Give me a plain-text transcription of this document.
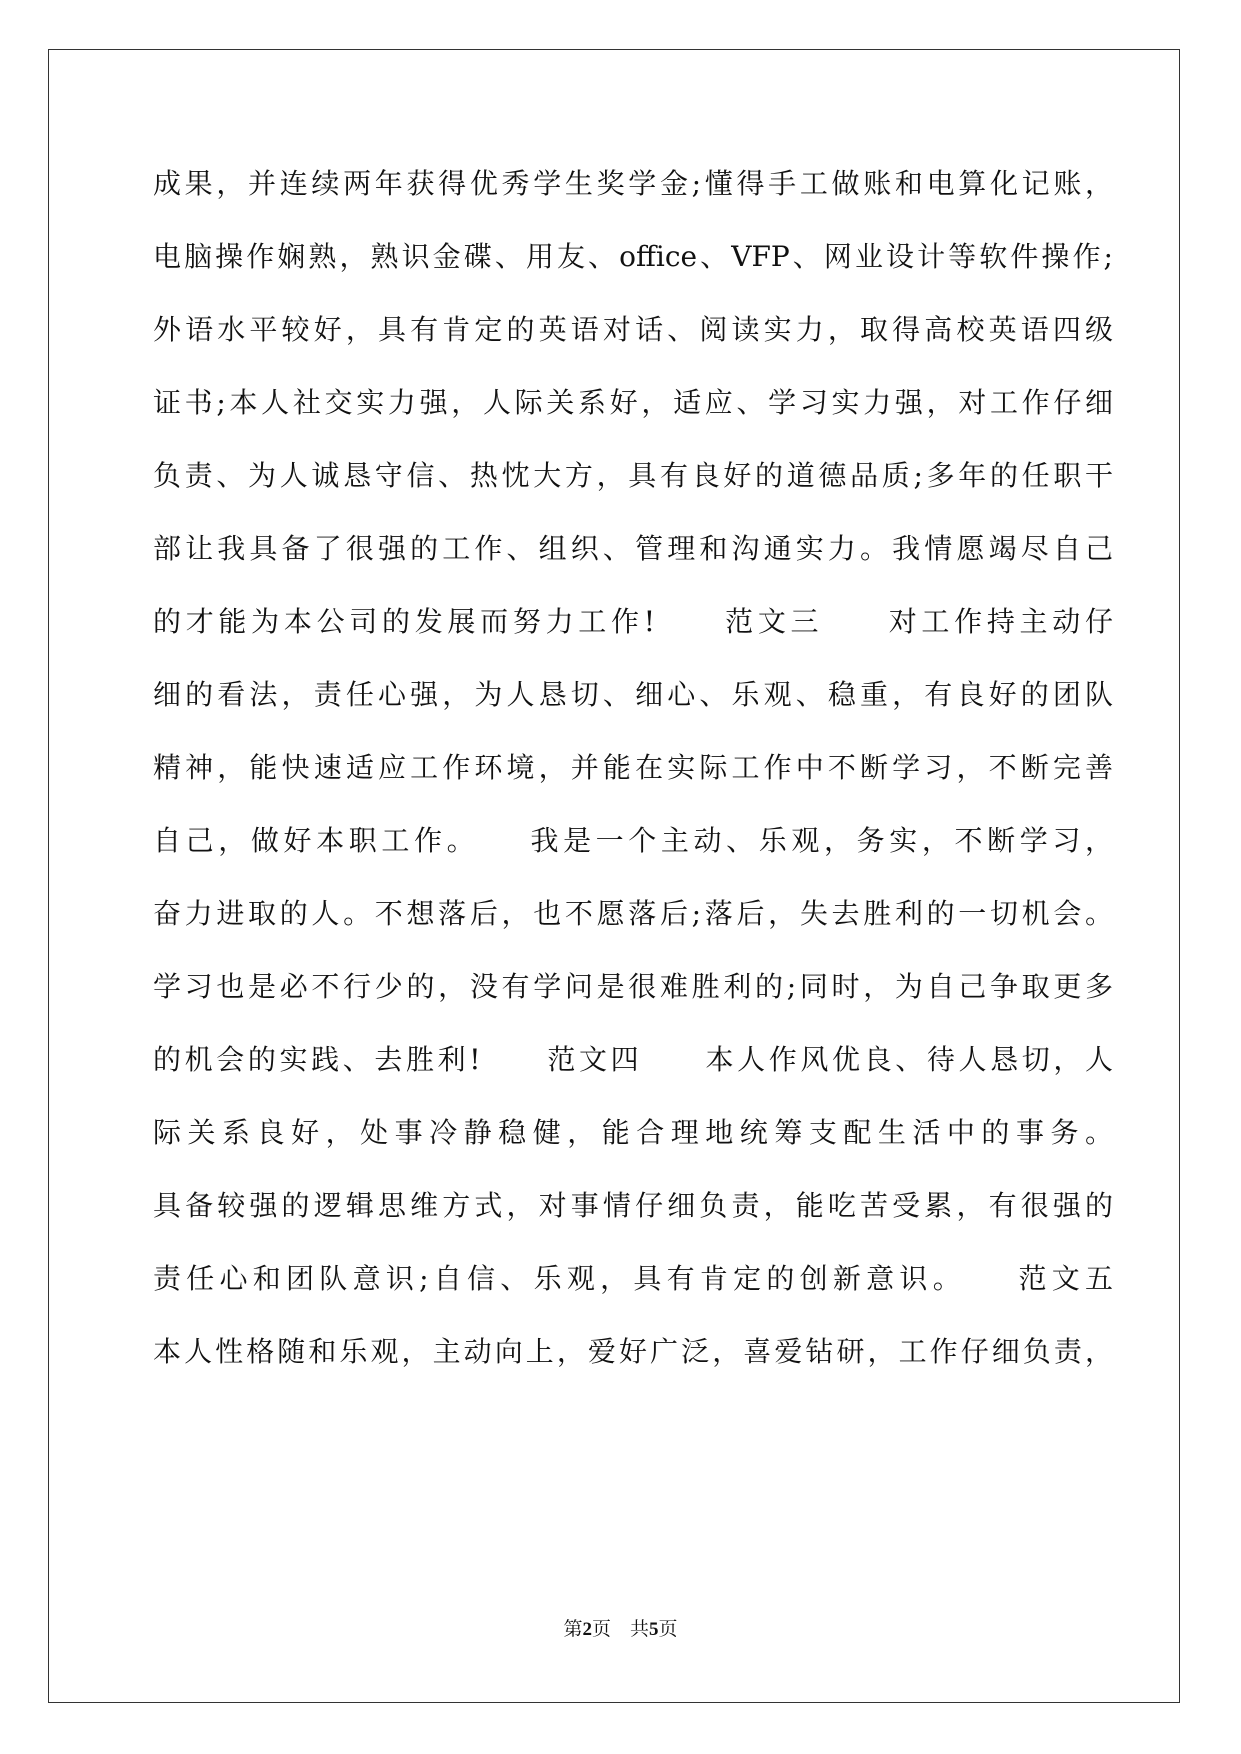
成果，并连续两年获得优秀学生奖学金;懂得手工做账和电算化记账，
电脑操作娴熟，熟识金碟、用友、office、VFP、网业设计等软件操作;
外语水平较好，具有肯定的英语对话、阅读实力，取得高校英语四级
证书;本人社交实力强，人际关系好，适应、学习实力强，对工作仔细
负责、为人诚恳守信、热忱大方，具有良好的道德品质;多年的任职干
部让我具备了很强的工作、组织、管理和沟通实力。我情愿竭尽自己
的才能为本公司的发展而努力工作!　　范文三　　对工作持主动仔
细的看法，责任心强，为人恳切、细心、乐观、稳重，有良好的团队
精神，能快速适应工作环境，并能在实际工作中不断学习，不断完善
自己，做好本职工作。　　我是一个主动、乐观，务实，不断学习，
奋力进取的人。不想落后，也不愿落后;落后，失去胜利的一切机会。
学习也是必不行少的，没有学问是很难胜利的;同时，为自己争取更多
的机会的实践、去胜利!　　范文四　　本人作风优良、待人恳切，人
际关系良好，处事冷静稳健，能合理地统筹支配生活中的事务。
具备较强的逻辑思维方式，对事情仔细负责，能吃苦受累，有很强的
责任心和团队意识;自信、乐观，具有肯定的创新意识。　　范文五
本人性格随和乐观，主动向上，爱好广泛，喜爱钻研，工作仔细负责，
第2页　共5页
